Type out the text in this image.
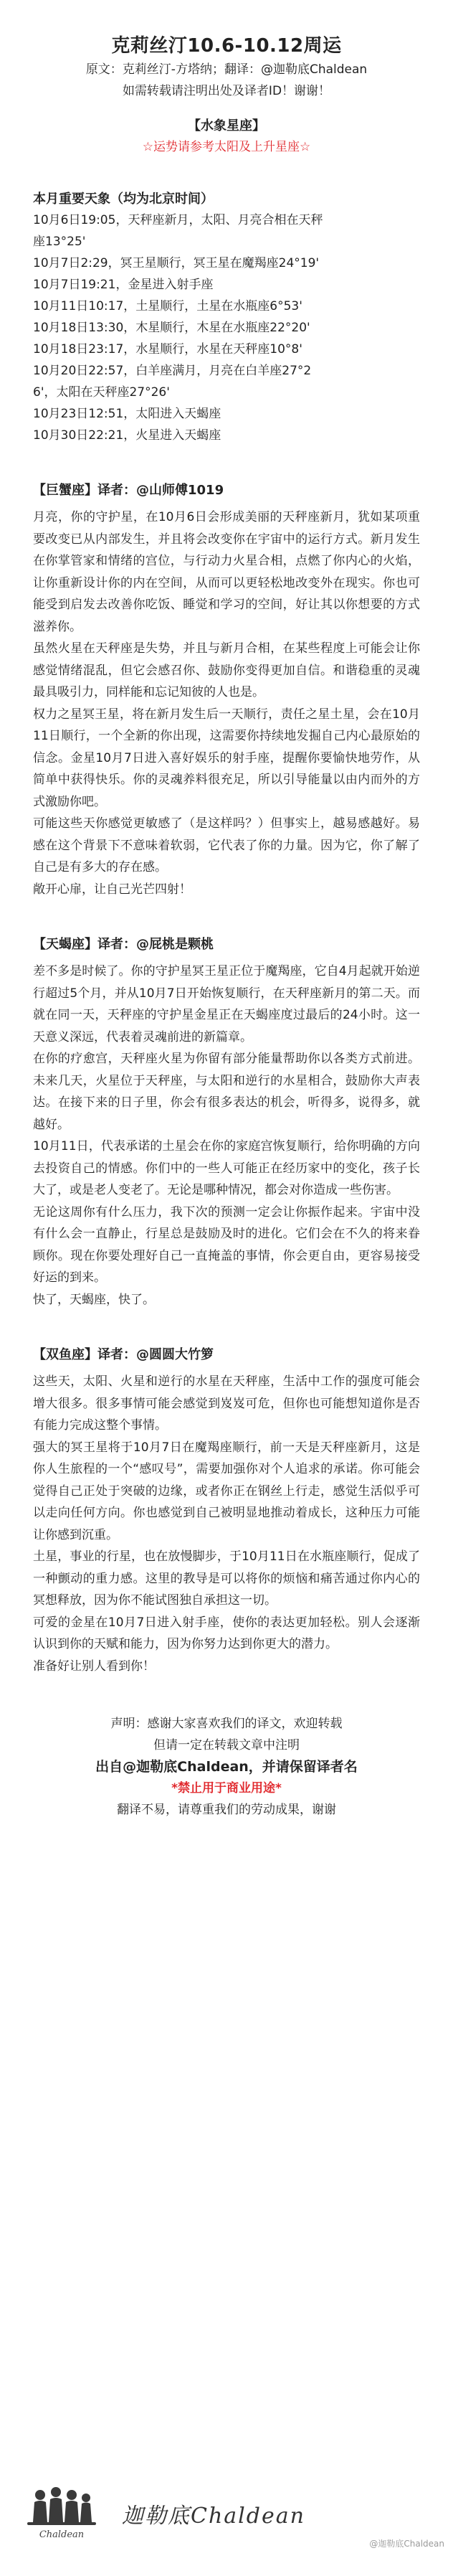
克莉丝汀10.6-10.12周运

原文：克莉丝汀-方塔纳；翻译：@迦勒底Chaldean

如需转载请注明出处及译者ID！谢谢！

【水象星座】

☆运势请参考太阳及上升星座☆

本月重要天象（均为北京时间）

10月6日19:05，天秤座新月，太阳、月亮合相在天秤

座13°25'

10月7日2:29，冥王星顺行，冥王星在魔羯座24°19'

10月7日19:21，金星进入射手座

10月11日10:17，土星顺行，土星在水瓶座6°53'

10月18日13:30，木星顺行，木星在水瓶座22°20'

10月18日23:17，水星顺行，水星在天秤座10°8'

10月20日22:57，白羊座满月，月亮在白羊座27°2

6'，太阳在天秤座27°26'

10月23日12:51，太阳进入天蝎座

10月30日22:21，火星进入天蝎座

【巨蟹座】译者：@山师傅1019

月亮，你的守护星，在10月6日会形成美丽的天秤座新月，犹如某项重要改变已从内部发生，并且将会改变你在宇宙中的运行方式。新月发生在你掌管家和情绪的宫位，与行动力火星合相，点燃了你内心的火焰，让你重新设计你的内在空间，从而可以更轻松地改变外在现实。你也可能受到启发去改善你吃饭、睡觉和学习的空间，好让其以你想要的方式滋养你。

虽然火星在天秤座是失势，并且与新月合相，在某些程度上可能会让你感觉情绪混乱，但它会感召你、鼓励你变得更加自信。和谐稳重的灵魂最具吸引力，同样能和忘记知彼的人也是。

权力之星冥王星，将在新月发生后一天顺行，责任之星土星，会在10月11日顺行，一个全新的你出现，这需要你持续地发掘自己内心最原始的信念。金星10月7日进入喜好娱乐的射手座，提醒你要愉快地劳作，从简单中获得快乐。你的灵魂养料很充足，所以引导能量以由内而外的方式激励你吧。

可能这些天你感觉更敏感了（是这样吗？）但事实上，越易感越好。易感在这个背景下不意味着软弱，它代表了你的力量。因为它，你了解了自己是有多大的存在感。

敞开心扉，让自己光芒四射！

【天蝎座】译者：@屁桃是颗桃

差不多是时候了。你的守护星冥王星正位于魔羯座，它自4月起就开始逆行超过5个月，并从10月7日开始恢复顺行，在天秤座新月的第二天。而就在同一天，天秤座的守护星金星正在天蝎座度过最后的24小时。这一天意义深远，代表着灵魂前进的新篇章。

在你的疗愈宫，天秤座火星为你留有部分能量帮助你以各类方式前进。未来几天，火星位于天秤座，与太阳和逆行的水星相合，鼓励你大声表达。在接下来的日子里，你会有很多表达的机会，听得多，说得多，就越好。

10月11日，代表承诺的土星会在你的家庭宫恢复顺行，给你明确的方向去投资自己的情感。你们中的一些人可能正在经历家中的变化，孩子长大了，或是老人变老了。无论是哪种情况，都会对你造成一些伤害。

无论这周你有什么压力，我下次的预测一定会让你振作起来。宇宙中没有什么会一直静止，行星总是鼓励及时的进化。它们会在不久的将来眷顾你。现在你要处理好自己一直掩盖的事情，你会更自由，更容易接受好运的到来。

快了，天蝎座，快了。

【双鱼座】译者：@圆圆大竹箩

这些天，太阳、火星和逆行的水星在天秤座，生活中工作的强度可能会增大很多。很多事情可能会感觉到岌岌可危，但你也可能想知道你是否有能力完成这整个事情。

强大的冥王星将于10月7日在魔羯座顺行，前一天是天秤座新月，这是你人生旅程的一个“感叹号”，需要加强你对个人追求的承诺。你可能会觉得自己正处于突破的边缘，或者你正在钢丝上行走，感觉生活似乎可以走向任何方向。你也感觉到自己被明显地推动着成长，这种压力可能让你感到沉重。

土星，事业的行星，也在放慢脚步，于10月11日在水瓶座顺行，促成了一种颤动的重力感。这里的教导是可以将你的烦恼和痛苦通过你内心的冥想释放，因为你不能试图独自承担这一切。

可爱的金星在10月7日进入射手座，使你的表达更加轻松。别人会逐渐认识到你的天赋和能力，因为你努力达到你更大的潜力。

准备好让别人看到你！

声明：感谢大家喜欢我们的译文，欢迎转载

但请一定在转载文章中注明

出自@迦勒底Chaldean，并请保留译者名

*禁止用于商业用途*

翻译不易，请尊重我们的劳动成果，谢谢

Chaldean
迦勒底Chaldean
@迦勒底Chaldean
